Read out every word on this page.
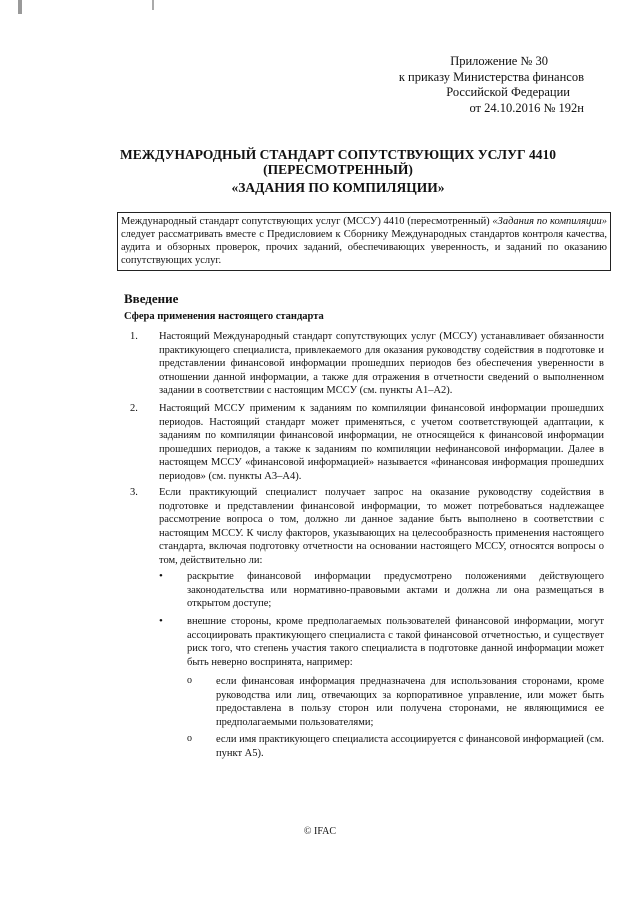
Приложение № 30
к приказу Министерства финансов
Российской Федерации
от 24.10.2016 № 192н
МЕЖДУНАРОДНЫЙ СТАНДАРТ СОПУТСТВУЮЩИХ УСЛУГ 4410
(ПЕРЕСМОТРЕННЫЙ)
«ЗАДАНИЯ ПО КОМПИЛЯЦИИ»
Международный стандарт сопутствующих услуг (МССУ) 4410 (пересмотренный) «Задания по компиляции» следует рассматривать вместе с Предисловием к Сборнику Международных стандартов контроля качества, аудита и обзорных проверок, прочих заданий, обеспечивающих уверенность, и заданий по оказанию сопутствующих услуг.
Введение
Сфера применения настоящего стандарта
1. Настоящий Международный стандарт сопутствующих услуг (МССУ) устанавливает обязанности практикующего специалиста, привлекаемого для оказания руководству содействия в подготовке и представлении финансовой информации прошедших периодов без обеспечения уверенности в отношении данной информации, а также для отражения в отчетности сведений о выполненном задании в соответствии с настоящим МССУ (см. пункты А1–А2).
2. Настоящий МССУ применим к заданиям по компиляции финансовой информации прошедших периодов. Настоящий стандарт может применяться, с учетом соответствующей адаптации, к заданиям по компиляции финансовой информации, не относящейся к финансовой информации прошедших периодов, а также к заданиям по компиляции нефинансовой информации. Далее в настоящем МССУ «финансовой информацией» называется «финансовая информация прошедших периодов» (см. пункты А3–А4).
3. Если практикующий специалист получает запрос на оказание руководству содействия в подготовке и представлении финансовой информации, то может потребоваться надлежащее рассмотрение вопроса о том, должно ли данное задание быть выполнено в соответствии с настоящим МССУ. К числу факторов, указывающих на целесообразность применения настоящего стандарта, включая подготовку отчетности на основании настоящего МССУ, относятся вопросы о том, действительно ли:
• раскрытие финансовой информации предусмотрено положениями действующего законодательства или нормативно-правовыми актами и должна ли она размещаться в открытом доступе;
• внешние стороны, кроме предполагаемых пользователей финансовой информации, могут ассоциировать практикующего специалиста с такой финансовой отчетностью, и существует риск того, что степень участия такого специалиста в подготовке данной информации может быть неверно воспринята, например:
o если финансовая информация предназначена для использования сторонами, кроме руководства или лиц, отвечающих за корпоративное управление, или может быть предоставлена в пользу сторон или получена сторонами, не являющимися ее предполагаемыми пользователями;
o если имя практикующего специалиста ассоциируется с финансовой информацией (см. пункт А5).
© IFAC
